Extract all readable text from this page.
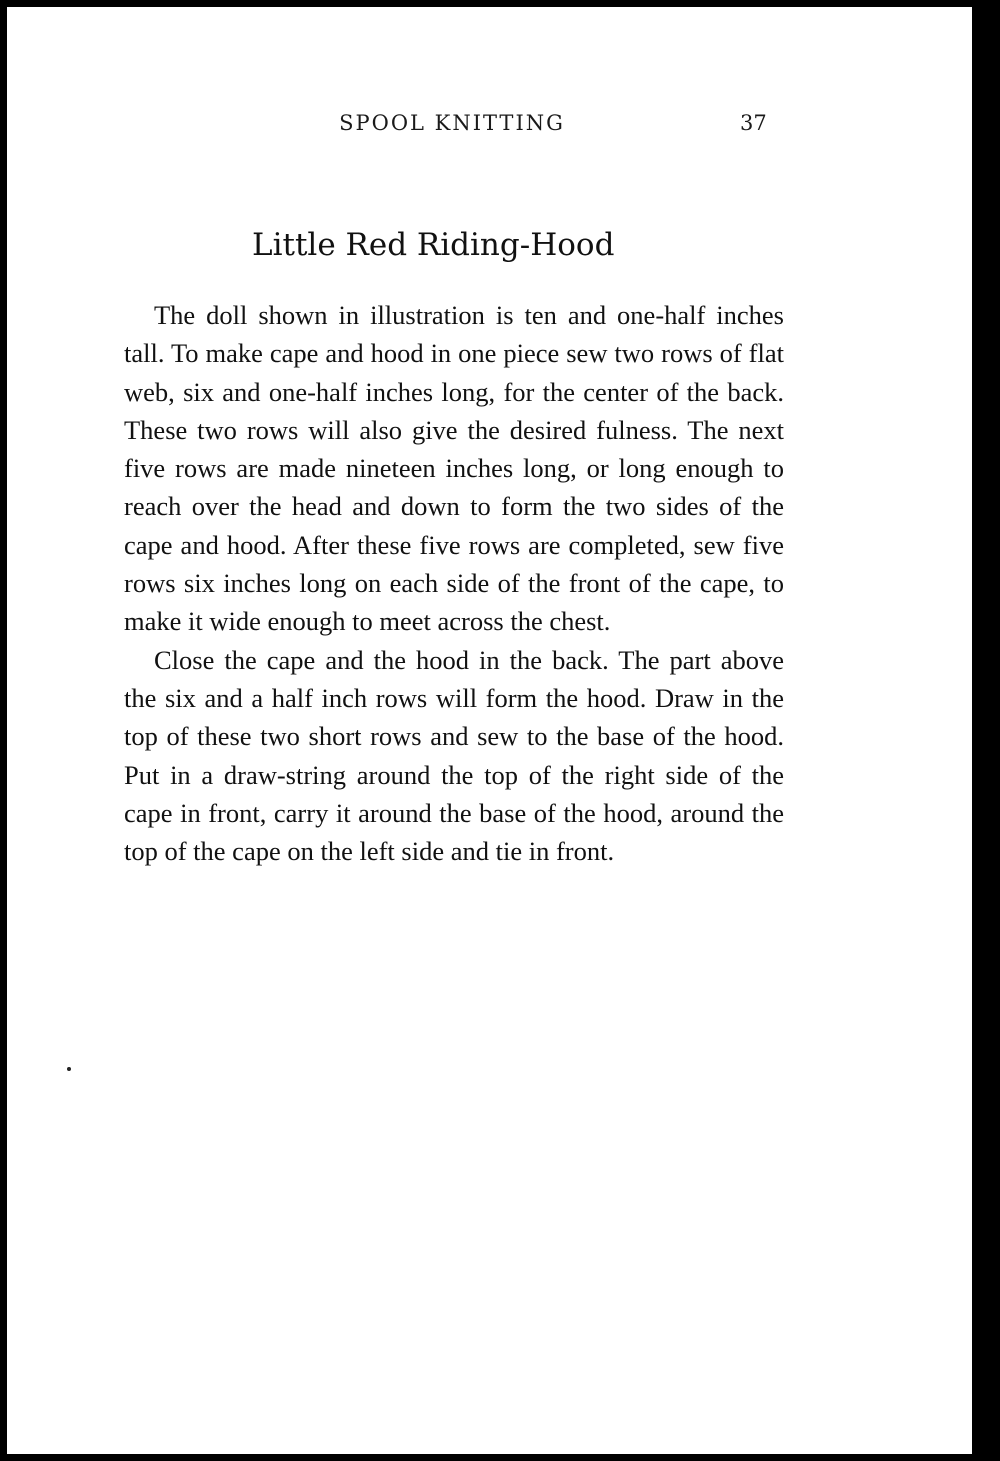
SPOOL KNITTING	37
Little Red Riding-Hood

The doll shown in illustration is ten and one-half inches tall. To make cape and hood in one piece sew two rows of flat web, six and one-half inches long, for the center of the back. These two rows will also give the desired fulness. The next five rows are made nineteen inches long, or long enough to reach over the head and down to form the two sides of the cape and hood. After these five rows are completed, sew five rows six inches long on each side of the front of the cape, to make it wide enough to meet across the chest.

Close the cape and the hood in the back. The part above the six and a half inch rows will form the hood. Draw in the top of these two short rows and sew to the base of the hood. Put in a draw-string around the top of the right side of the cape in front, carry it around the base of the hood, around the top of the cape on the left side and tie in front.
